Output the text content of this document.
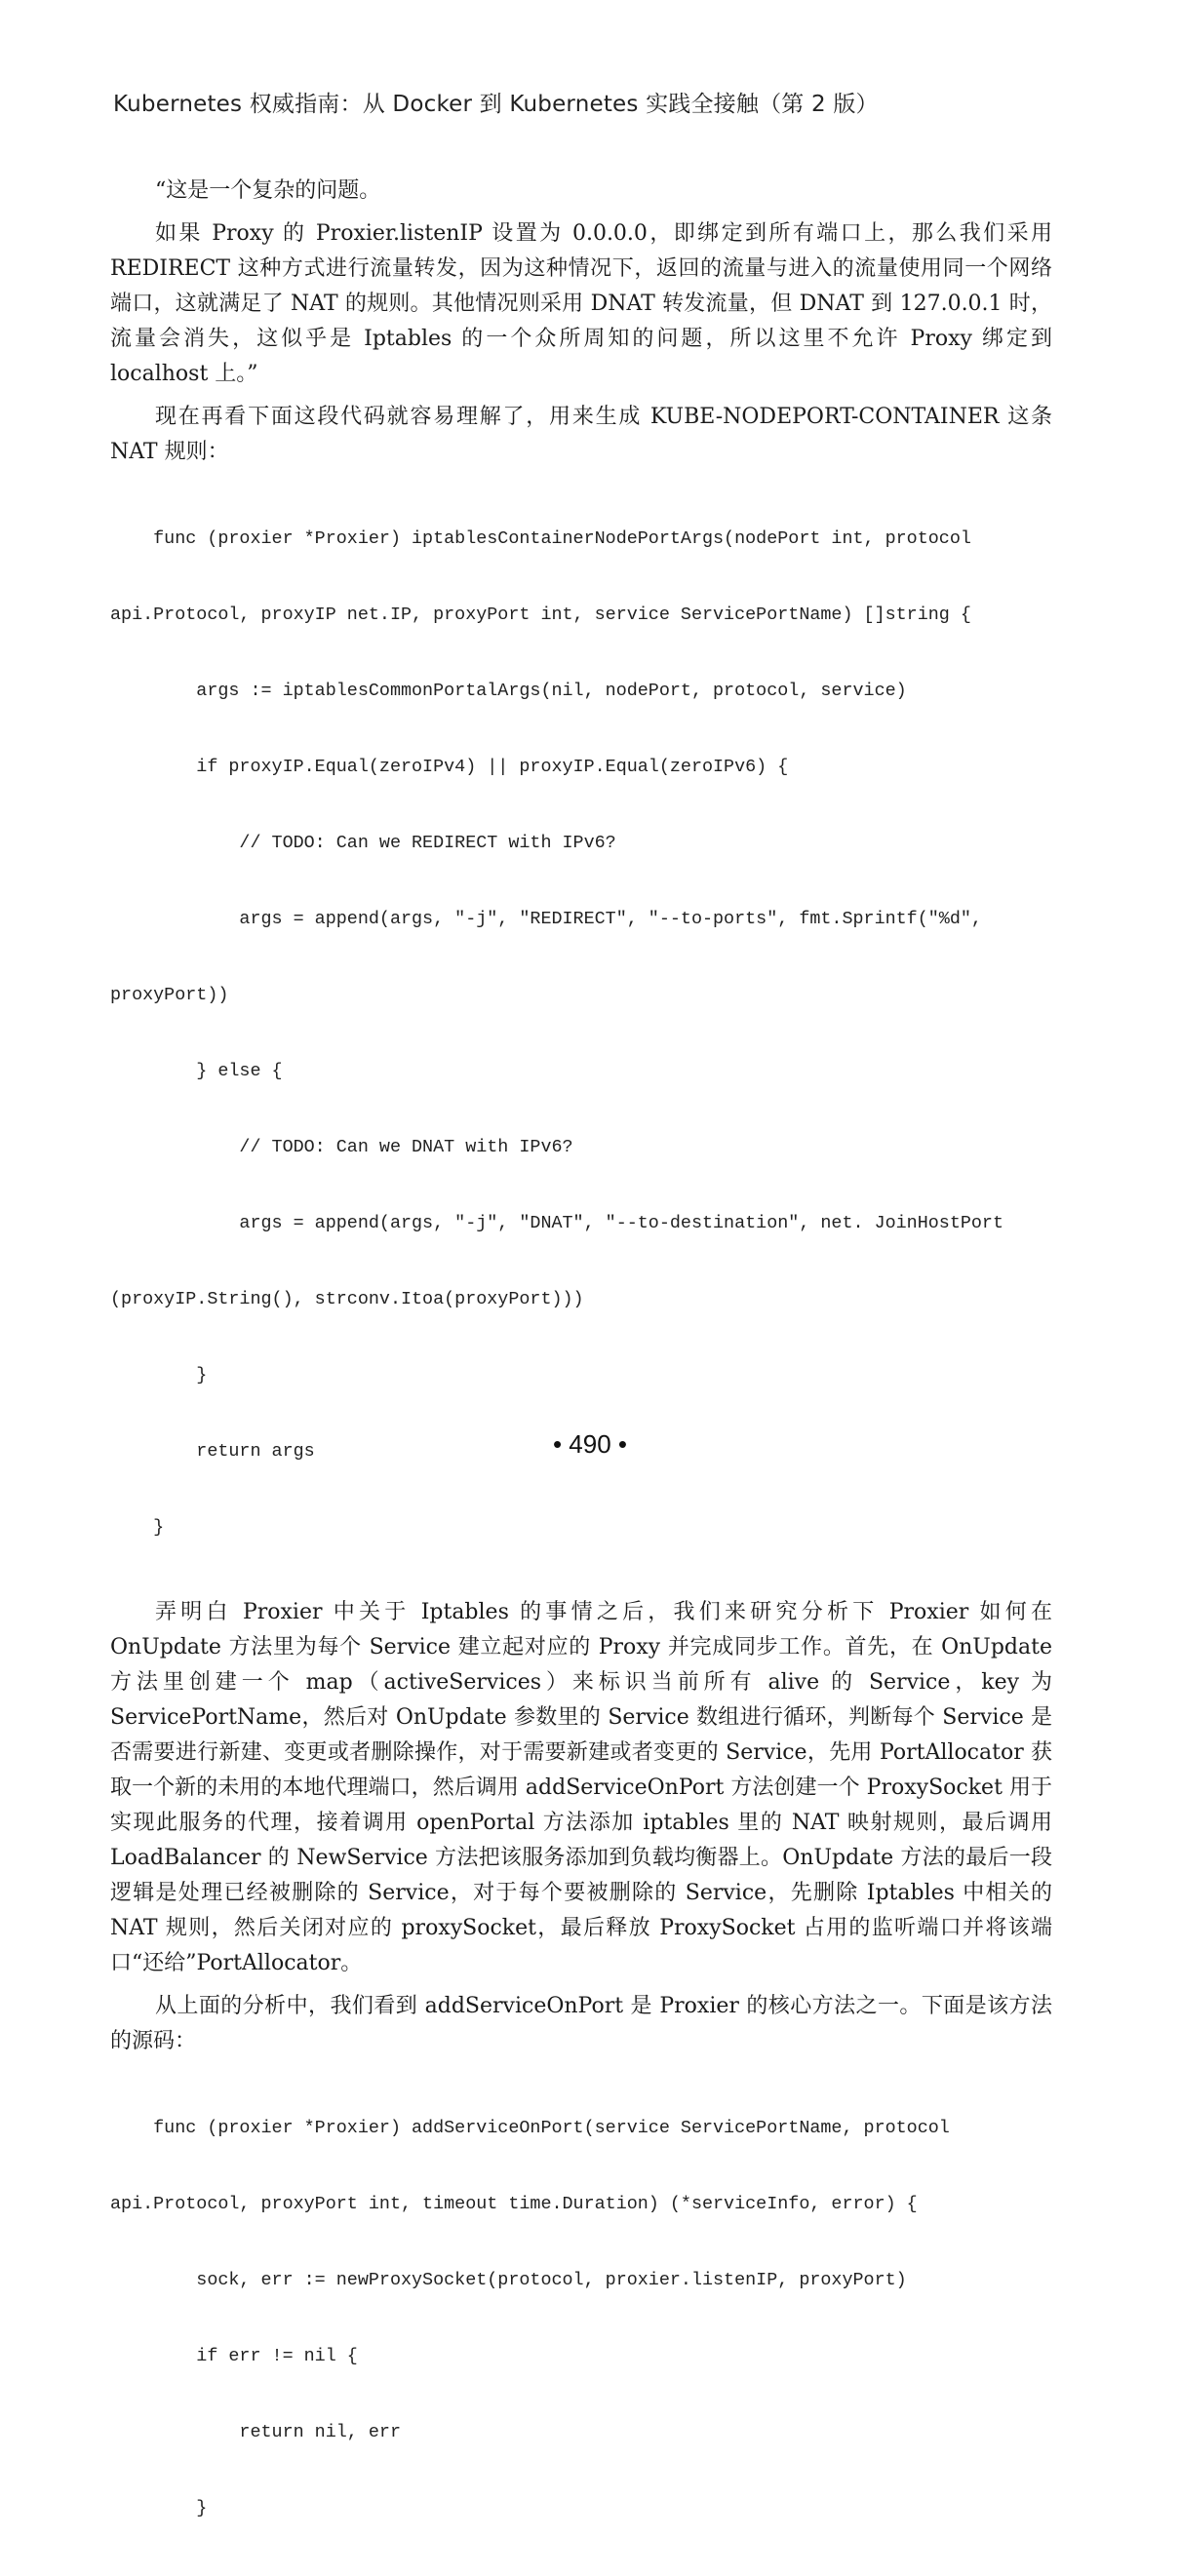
Kubernetes 权威指南：从 Docker 到 Kubernetes 实践全接触（第 2 版）

“这是一个复杂的问题。

如果 Proxy 的 Proxier.listenIP 设置为 0.0.0.0，即绑定到所有端口上，那么我们采用 REDIRECT 这种方式进行流量转发，因为这种情况下，返回的流量与进入的流量使用同一个网络端口，这就满足了 NAT 的规则。其他情况则采用 DNAT 转发流量，但 DNAT 到 127.0.0.1 时，流量会消失，这似乎是 Iptables 的一个众所周知的问题，所以这里不允许 Proxy 绑定到 localhost 上。”

现在再看下面这段代码就容易理解了，用来生成 KUBE-NODEPORT-CONTAINER 这条 NAT 规则：

func (proxier *Proxier) iptablesContainerNodePortArgs(nodePort int, protocol

api.Protocol, proxyIP net.IP, proxyPort int, service ServicePortName) []string {

args := iptablesCommonPortalArgs(nil, nodePort, protocol, service)

if proxyIP.Equal(zeroIPv4) || proxyIP.Equal(zeroIPv6) {

// TODO: Can we REDIRECT with IPv6?

args = append(args, "-j", "REDIRECT", "--to-ports", fmt.Sprintf("%d",

proxyPort))

} else {

// TODO: Can we DNAT with IPv6?

args = append(args, "-j", "DNAT", "--to-destination", net. JoinHostPort

(proxyIP.String(), strconv.Itoa(proxyPort)))

}

return args

}

弄明白 Proxier 中关于 Iptables 的事情之后，我们来研究分析下 Proxier 如何在 OnUpdate 方法里为每个 Service 建立起对应的 Proxy 并完成同步工作。首先，在 OnUpdate 方法里创建一个 map（activeServices）来标识当前所有 alive 的 Service，key 为 ServicePortName，然后对 OnUpdate 参数里的 Service 数组进行循环，判断每个 Service 是否需要进行新建、变更或者删除操作，对于需要新建或者变更的 Service，先用 PortAllocator 获取一个新的未用的本地代理端口，然后调用 addServiceOnPort 方法创建一个 ProxySocket 用于实现此服务的代理，接着调用 openPortal 方法添加 iptables 里的 NAT 映射规则，最后调用 LoadBalancer 的 NewService 方法把该服务添加到负载均衡器上。OnUpdate 方法的最后一段逻辑是处理已经被删除的 Service，对于每个要被删除的 Service，先删除 Iptables 中相关的 NAT 规则，然后关闭对应的 proxySocket，最后释放 ProxySocket 占用的监听端口并将该端口“还给”PortAllocator。

从上面的分析中，我们看到 addServiceOnPort 是 Proxier 的核心方法之一。下面是该方法的源码：

func (proxier *Proxier) addServiceOnPort(service ServicePortName, protocol

api.Protocol, proxyPort int, timeout time.Duration) (*serviceInfo, error) {

sock, err := newProxySocket(protocol, proxier.listenIP, proxyPort)

if err != nil {

return nil, err

}

• 490 •
